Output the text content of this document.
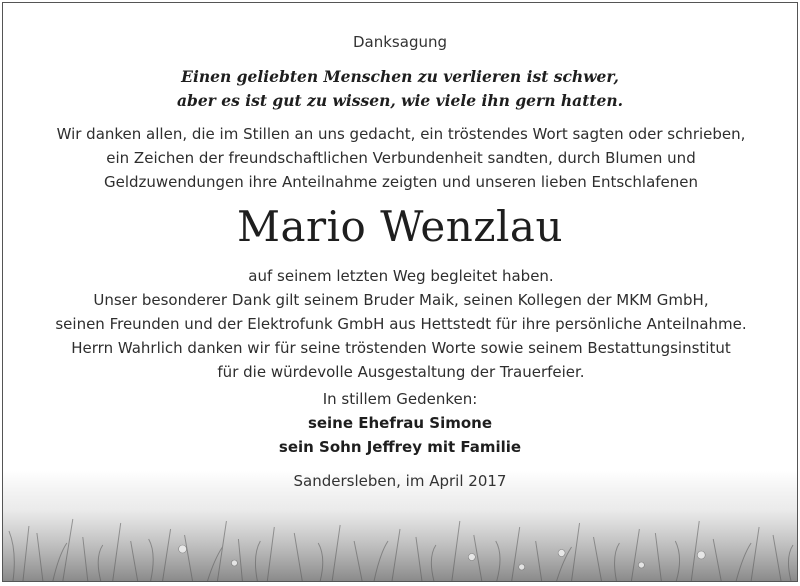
Danksagung
Einen geliebten Menschen zu verlieren ist schwer,
aber es ist gut zu wissen, wie viele ihn gern hatten.
Wir danken allen, die im Stillen an uns gedacht, ein tröstendes Wort sagten oder schrieben,
ein Zeichen der freundschaftlichen Verbundenheit sandten, durch Blumen und
Geldzuwendungen ihre Anteilnahme zeigten und unseren lieben Entschlafenen
Mario Wenzlau
auf seinem letzten Weg begleitet haben.
Unser besonderer Dank gilt seinem Bruder Maik, seinen Kollegen der MKM GmbH,
seinen Freunden und der Elektrofunk GmbH aus Hettstedt für ihre persönliche Anteilnahme.
Herrn Wahrlich danken wir für seine tröstenden Worte sowie seinem Bestattungsinstitut
für die würdevolle Ausgestaltung der Trauerfeier.
In stillem Gedenken:
seine Ehefrau Simone
sein Sohn Jeffrey mit Familie
Sandersleben, im April 2017
